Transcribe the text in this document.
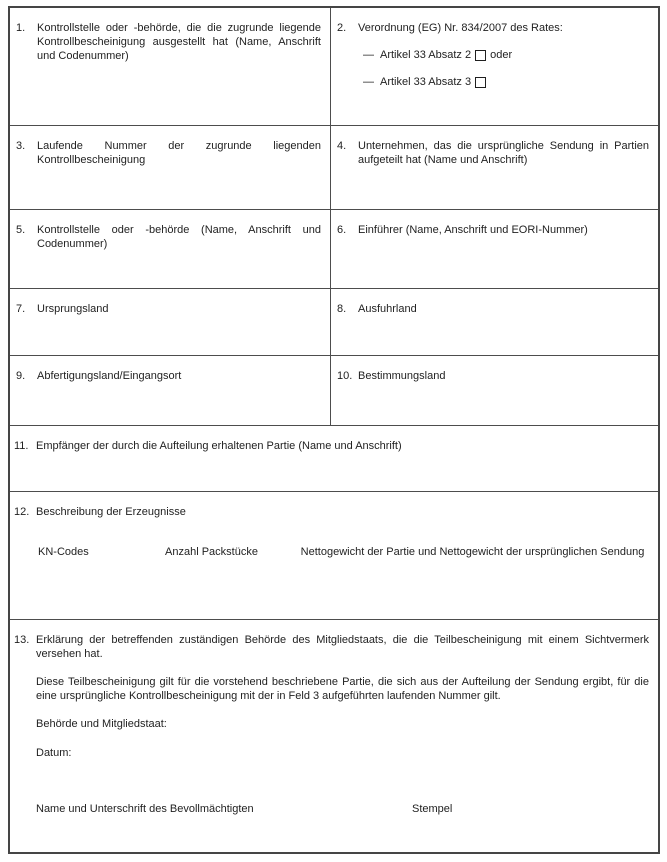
1.	Kontrollstelle oder -behörde, die die zugrunde liegende Kontrollbescheinigung ausgestellt hat (Name, Anschrift und Codenummer)
2.	Verordnung (EG) Nr. 834/2007 des Rates:
— Artikel 33 Absatz 2 oder
— Artikel 33 Absatz 3
3.	Laufende Nummer der zugrunde liegenden Kontrollbescheinigung
4.	Unternehmen, das die ursprüngliche Sendung in Partien aufgeteilt hat (Name und Anschrift)
5.	Kontrollstelle oder -behörde (Name, Anschrift und Codenummer)
6.	Einführer (Name, Anschrift und EORI-Nummer)
7.	Ursprungsland	8.	Ausfuhrland
9.	Abfertigungsland/Eingangsort	10. Bestimmungsland
11. Empfänger der durch die Aufteilung erhaltenen Partie (Name und Anschrift)
12. Beschreibung der Erzeugnisse
KN-Codes	Anzahl Packstücke	Nettogewicht der Partie und Nettogewicht der ursprünglichen Sendung
13. Erklärung der betreffenden zuständigen Behörde des Mitgliedstaats, die die Teilbescheinigung mit einem Sichtvermerk versehen hat.
Diese Teilbescheinigung gilt für die vorstehend beschriebene Partie, die sich aus der Aufteilung der Sendung ergibt, für die eine ursprüngliche Kontrollbescheinigung mit der in Feld 3 aufgeführten laufenden Nummer gilt.
Behörde und Mitgliedstaat:
Datum:
Name und Unterschrift des Bevollmächtigten	Stempel
